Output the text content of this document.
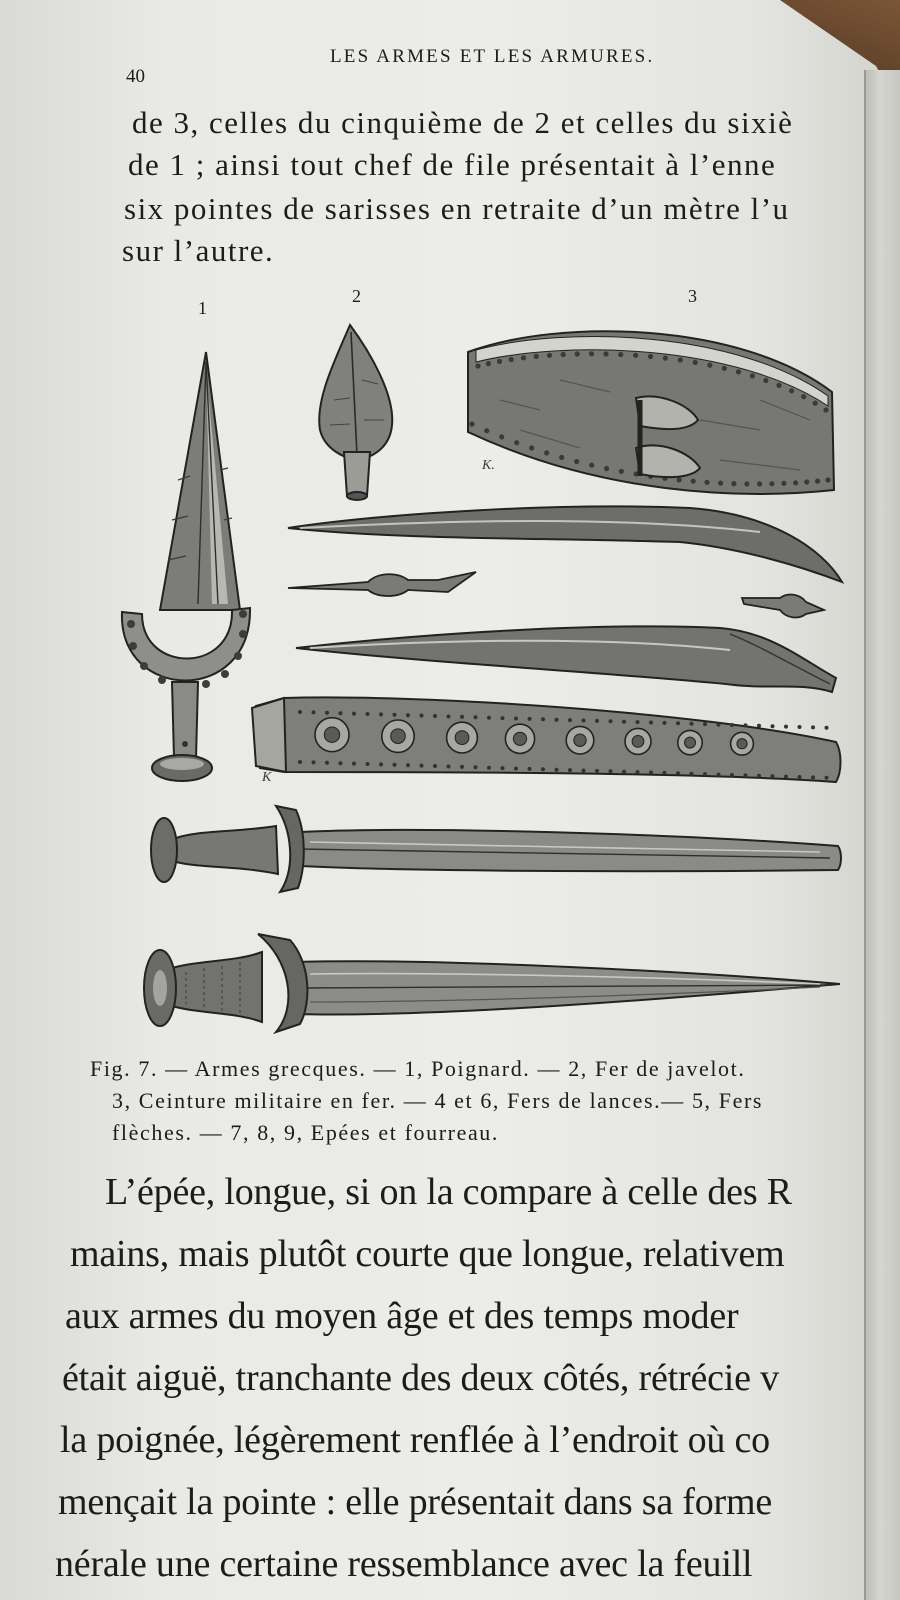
LES ARMES ET LES ARMURES.
40
de 3, celles du cinquième de 2 et celles du sixiè
de 1 ; ainsi tout chef de file présentait à l’enne
six pointes de sarisses en retraite d’un mètre l’u
sur l’autre.
1
2	3
K.
K
Fig. 7. — Armes grecques. — 1, Poignard. — 2, Fer de javelot.
3, Ceinture militaire en fer. — 4 et 6, Fers de lances.— 5, Fers
flèches. — 7, 8, 9, Epées et fourreau.
L’épée, longue, si on la compare à celle des R
mains, mais plutôt courte que longue, relativem
aux armes du moyen âge et des temps moder
était aiguë, tranchante des deux côtés, rétrécie v
la poignée, légèrement renflée à l’endroit où co
mençait la pointe : elle présentait dans sa forme
nérale une certaine ressemblance avec la feuill
